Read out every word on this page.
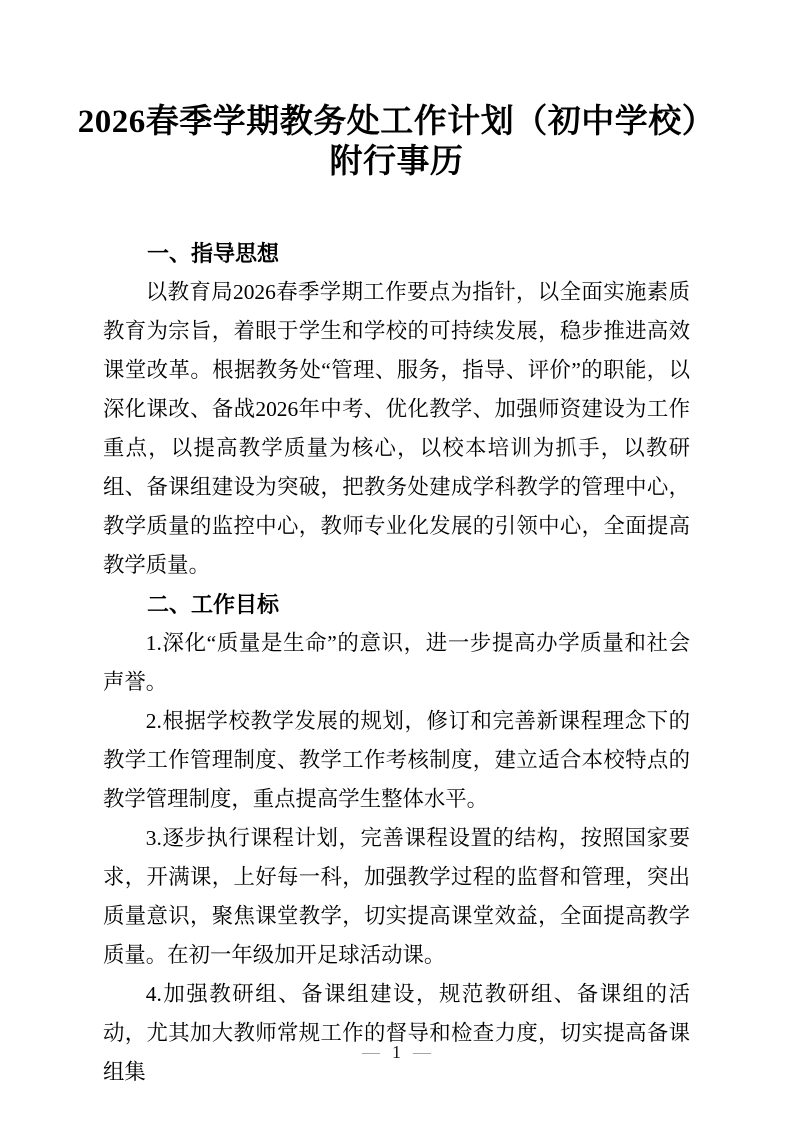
2026春季学期教务处工作计划（初中学校）
附行事历
一、指导思想

以教育局2026春季学期工作要点为指针，以全面实施素质教育为宗旨，着眼于学生和学校的可持续发展，稳步推进高效课堂改革。根据教务处“管理、服务，指导、评价”的职能，以深化课改、备战2026年中考、优化教学、加强师资建设为工作重点，以提高教学质量为核心，以校本培训为抓手，以教研组、备课组建设为突破，把教务处建成学科教学的管理中心，教学质量的监控中心，教师专业化发展的引领中心，全面提高教学质量。

二、工作目标

1.深化“质量是生命”的意识，进一步提高办学质量和社会声誉。

2.根据学校教学发展的规划，修订和完善新课程理念下的教学工作管理制度、教学工作考核制度，建立适合本校特点的教学管理制度，重点提高学生整体水平。

3.逐步执行课程计划，完善课程设置的结构，按照国家要求，开满课，上好每一科，加强教学过程的监督和管理，突出质量意识，聚焦课堂教学，切实提高课堂效益，全面提高教学质量。在初一年级加开足球活动课。

4.加强教研组、备课组建设，规范教研组、备课组的活动，尤其加大教师常规工作的督导和检查力度，切实提高备课组集

— 1 —
